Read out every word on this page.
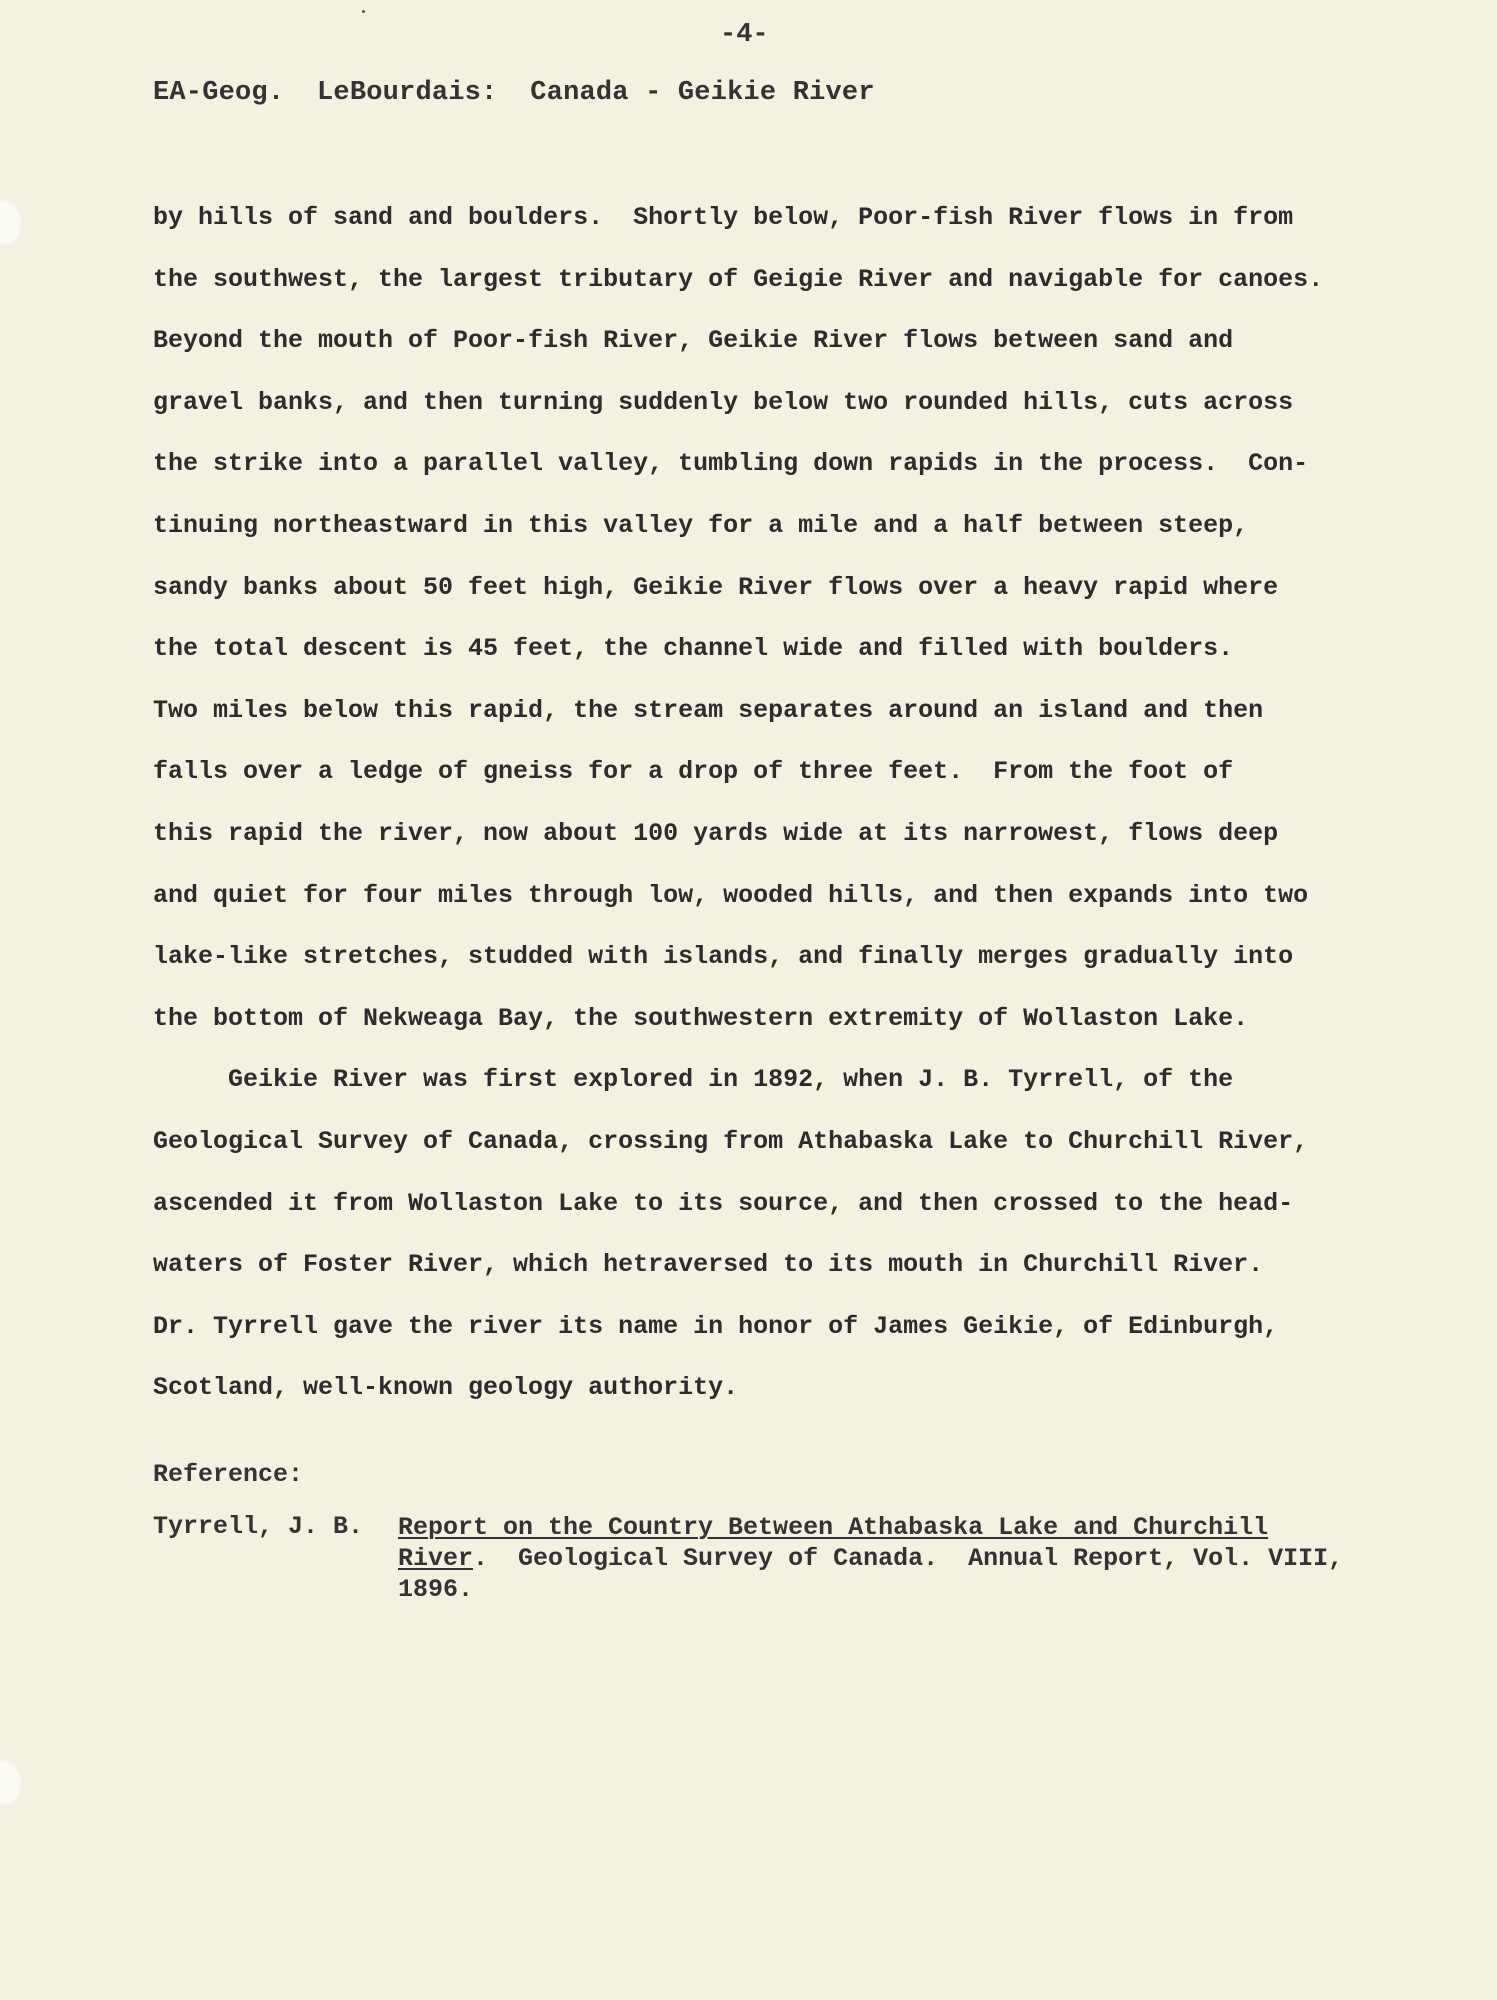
-4-
EA-Geog.  LeBourdais:  Canada - Geikie River
by hills of sand and boulders.  Shortly below, Poor-fish River flows in from
the southwest, the largest tributary of Geigie River and navigable for canoes.
Beyond the mouth of Poor-fish River, Geikie River flows between sand and
gravel banks, and then turning suddenly below two rounded hills, cuts across
the strike into a parallel valley, tumbling down rapids in the process.  Con-
tinuing northeastward in this valley for a mile and a half between steep,
sandy banks about 50 feet high, Geikie River flows over a heavy rapid where
the total descent is 45 feet, the channel wide and filled with boulders.
Two miles below this rapid, the stream separates around an island and then
falls over a ledge of gneiss for a drop of three feet.  From the foot of
this rapid the river, now about 100 yards wide at its narrowest, flows deep
and quiet for four miles through low, wooded hills, and then expands into two
lake-like stretches, studded with islands, and finally merges gradually into
the bottom of Nekweaga Bay, the southwestern extremity of Wollaston Lake.
Geikie River was first explored in 1892, when J. B. Tyrrell, of the
Geological Survey of Canada, crossing from Athabaska Lake to Churchill River,
ascended it from Wollaston Lake to its source, and then crossed to the head-
waters of Foster River, which hetraversed to its mouth in Churchill River.
Dr. Tyrrell gave the river its name in honor of James Geikie, of Edinburgh,
Scotland, well-known geology authority.
Reference:
Tyrrell, J. B. Report on the Country Between Athabaska Lake and Churchill
River.  Geological Survey of Canada.  Annual Report, Vol. VIII,
1896.
